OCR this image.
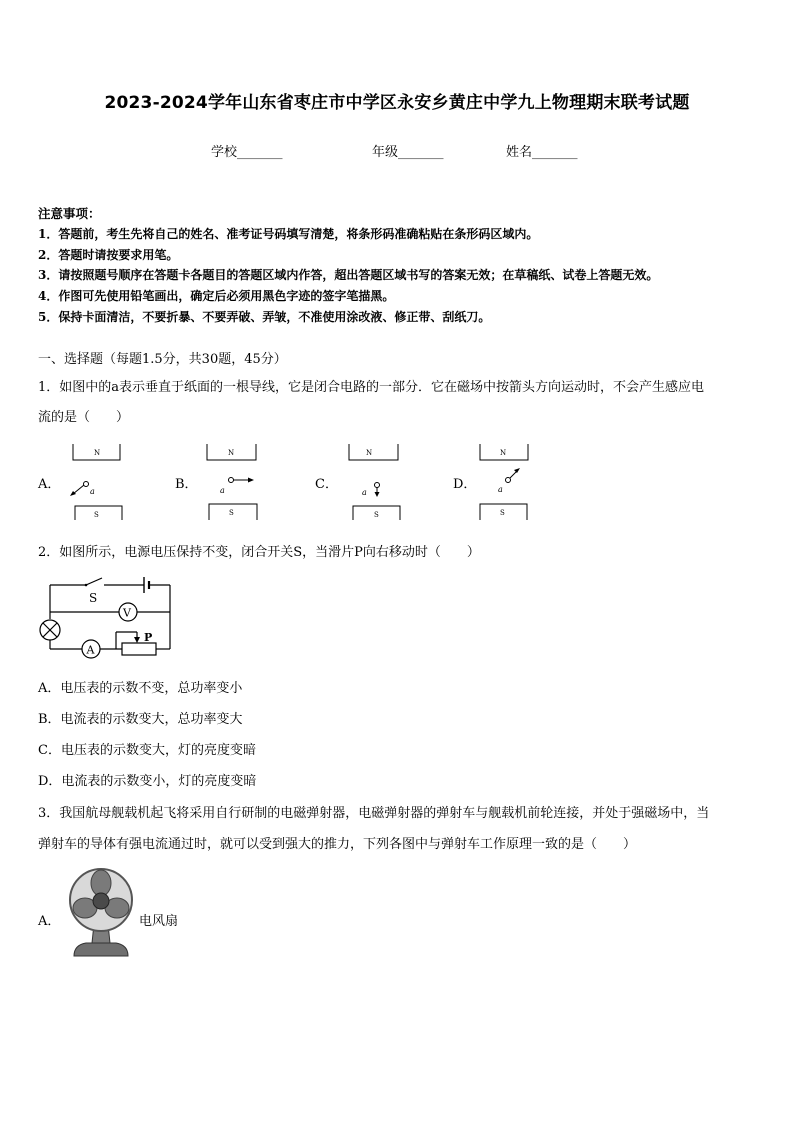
2023-2024学年山东省枣庄市中学区永安乡黄庄中学九上物理期末联考试题
学校_______	年级_______	姓名_______
注意事项：
1．答题前，考生先将自己的姓名、准考证号码填写清楚，将条形码准确粘贴在条形码区域内。
2．答题时请按要求用笔。
3．请按照题号顺序在答题卡各题目的答题区域内作答，超出答题区域书写的答案无效；在草稿纸、试卷上答题无效。
4．作图可先使用铅笔画出，确定后必须用黑色字迹的签字笔描黑。
5．保持卡面清洁，不要折暴、不要弄破、弄皱，不准使用涂改液、修正带、刮纸刀。
一、选择题（每题1.5分，共30题，45分）
1．如图中的a表示垂直于纸面的一根导线，它是闭合电路的一部分．它在磁场中按箭头方向运动时，不会产生感应电
流的是（　　）
A．	B．	C．	D．
N
a
S
N
a
S
N
a
S
N
a
S
2．如图所示，电源电压保持不变，闭合开关S，当滑片P向右移动时（　　）
S
V
A
P
A．电压表的示数不变，总功率变小
B．电流表的示数变大，总功率变大
C．电压表的示数变大，灯的亮度变暗
D．电流表的示数变小，灯的亮度变暗
3．我国航母舰载机起飞将采用自行研制的电磁弹射器，电磁弹射器的弹射车与舰载机前轮连接，并处于强磁场中，当
弹射车的导体有强电流通过时，就可以受到强大的推力，下列各图中与弹射车工作原理一致的是（　　）
A．	电风扇
